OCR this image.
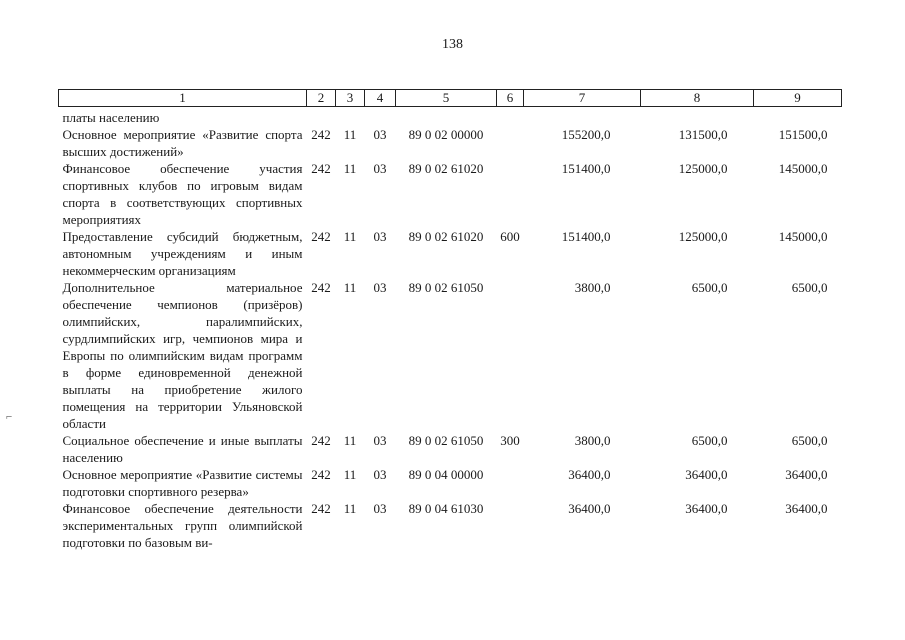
138
1	2	3	4	5	6	7	8	9
платы населению								
Основное мероприятие «Развитие спорта высших достижений»	242	11	03	89 0 02 00000		155200,0	131500,0	151500,0
Финансовое обеспечение участия спортивных клубов по игровым видам спорта в соответствующих спортивных мероприятиях	242	11	03	89 0 02 61020		151400,0	125000,0	145000,0
Предоставление субсидий бюджетным, автономным учреждениям и иным некоммерческим организациям	242	11	03	89 0 02 61020	600	151400,0	125000,0	145000,0
Дополнительное материальное обеспечение чемпионов (призёров) олимпийских, паралимпийских, сурдлимпийских игр, чемпионов мира и Европы по олимпийским видам программ в форме единовременной денежной выплаты на приобретение жилого помещения на территории Ульяновской области	242	11	03	89 0 02 61050		3800,0	6500,0	6500,0
Социальное обеспечение и иные выплаты населению	242	11	03	89 0 02 61050	300	3800,0	6500,0	6500,0
Основное мероприятие «Развитие системы подготовки спортивного резерва»	242	11	03	89 0 04 00000		36400,0	36400,0	36400,0
Финансовое обеспечение деятельности экспериментальных групп олимпийской подготовки по базовым ви-	242	11	03	89 0 04 61030		36400,0	36400,0	36400,0
⌐
